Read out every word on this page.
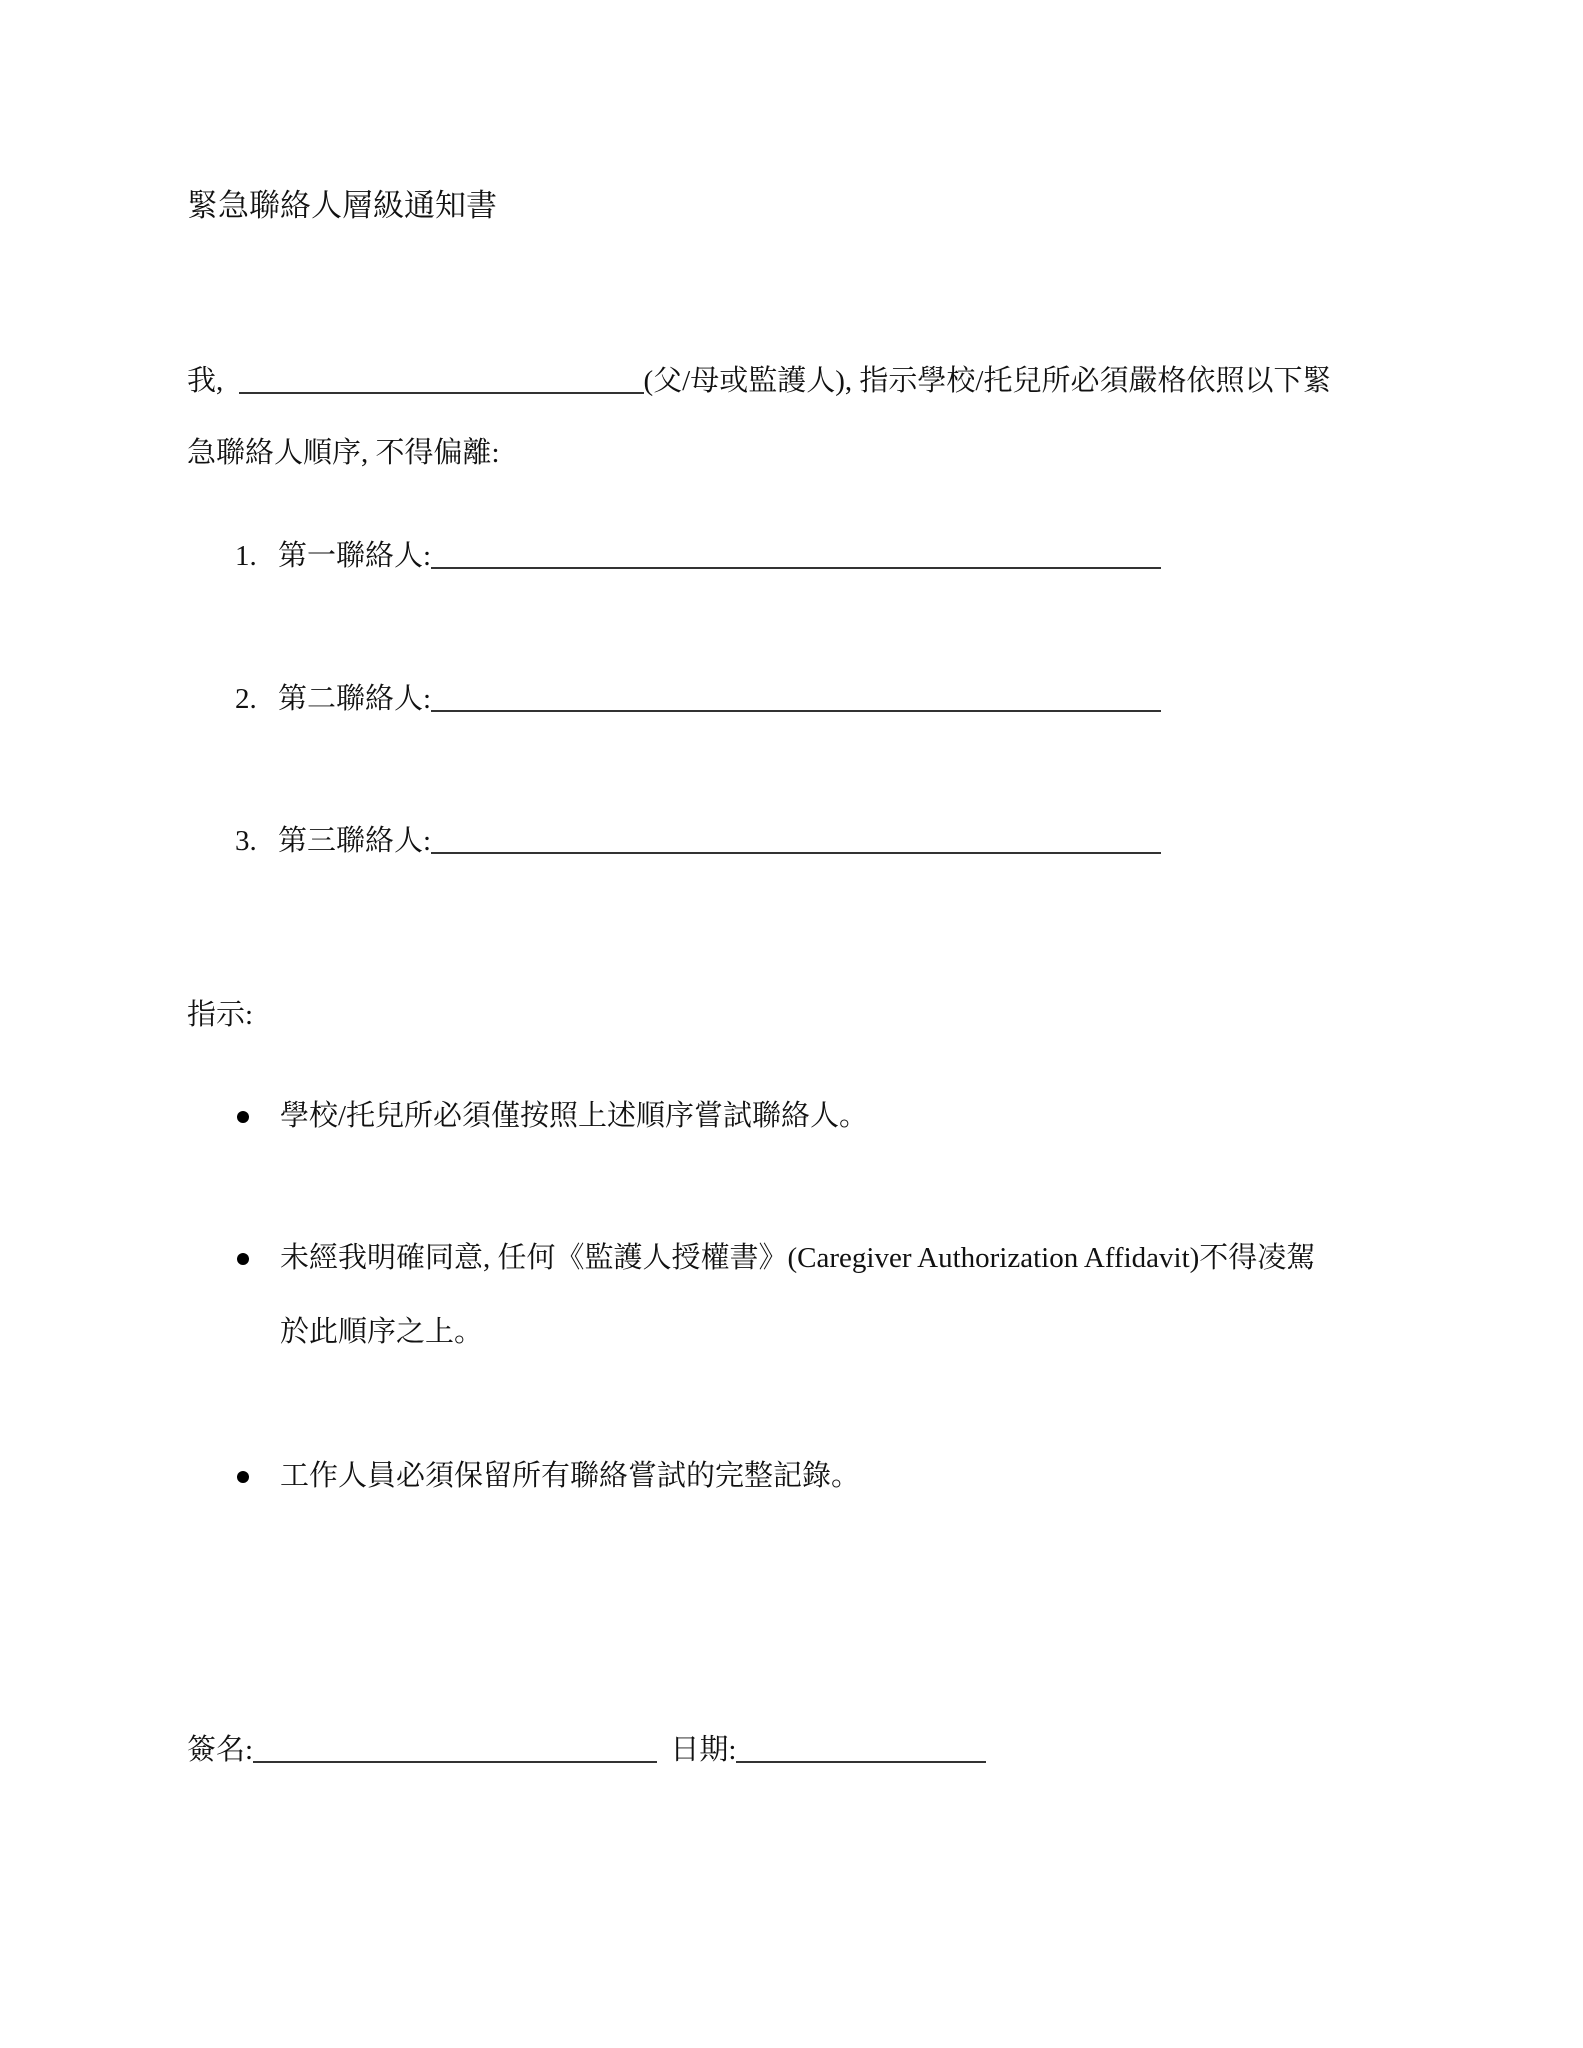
緊急聯絡人層級通知書
我,	(父/母或監護人), 指示學校/托兒所必須嚴格依照以下緊
急聯絡人順序, 不得偏離:
1. 第一聯絡人:
2. 第二聯絡人:
3. 第三聯絡人:
指示:
學校/托兒所必須僅按照上述順序嘗試聯絡人。
未經我明確同意, 任何《監護人授權書》(Caregiver Authorization Affidavit)不得凌駕
於此順序之上。
工作人員必須保留所有聯絡嘗試的完整記錄。
簽名:	日期:
